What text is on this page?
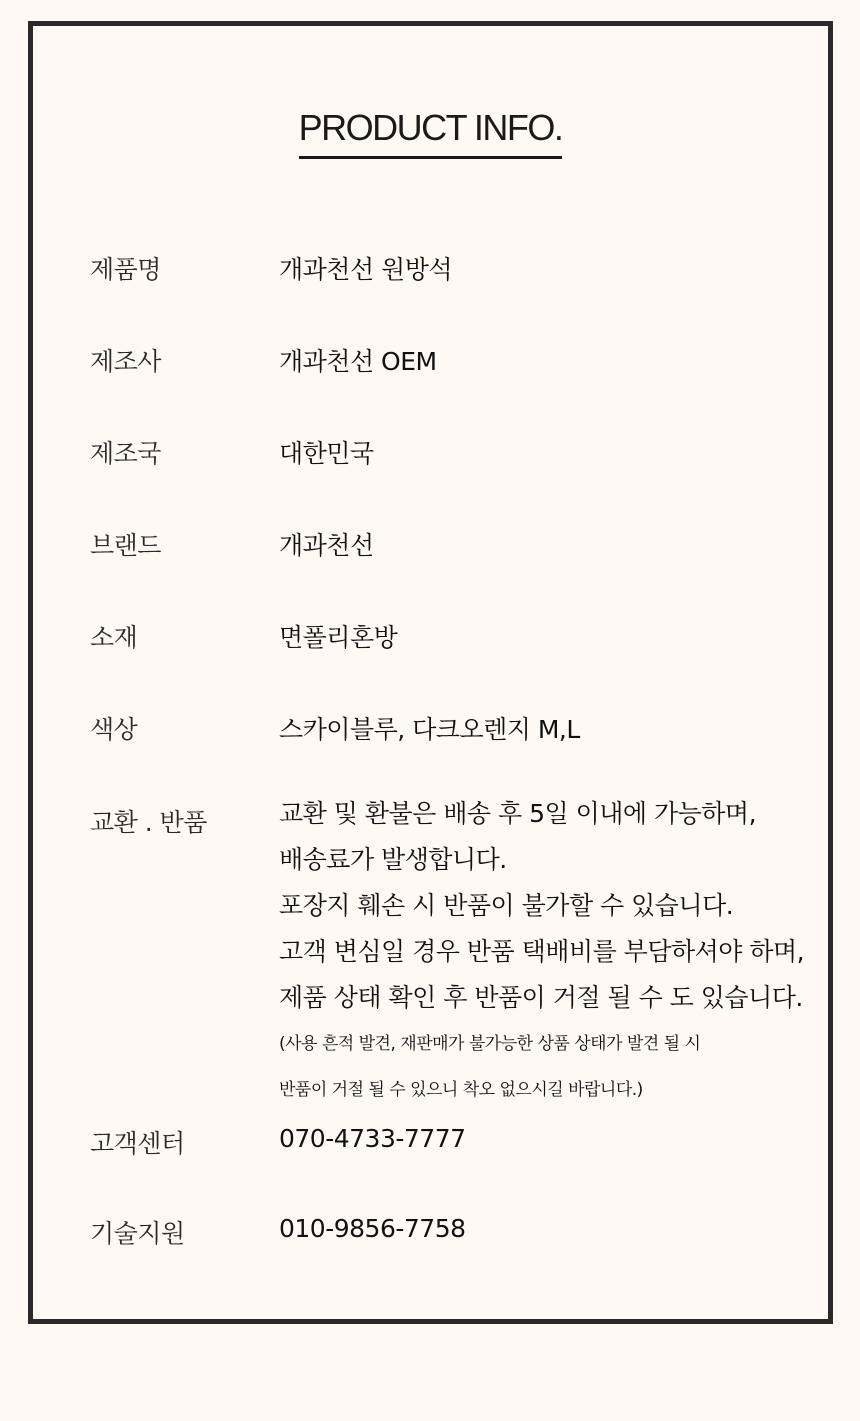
PRODUCT INFO.
제품명	개과천선 원방석
제조사	개과천선 OEM
제조국	대한민국
브랜드	개과천선
소재	면폴리혼방
색상	스카이블루, 다크오렌지 M,L
교환 . 반품	교환 및 환불은 배송 후 5일 이내에 가능하며,
배송료가 발생합니다.
포장지 훼손 시 반품이 불가할 수 있습니다.
고객 변심일 경우 반품 택배비를 부담하셔야 하며,
제품 상태 확인 후 반품이 거절 될 수 도 있습니다.
(사용 흔적 발견, 재판매가 불가능한 상품 상태가 발견 될 시
반품이 거절 될 수 있으니 착오 없으시길 바랍니다.)
고객센터	070-4733-7777
기술지원	010-9856-7758
